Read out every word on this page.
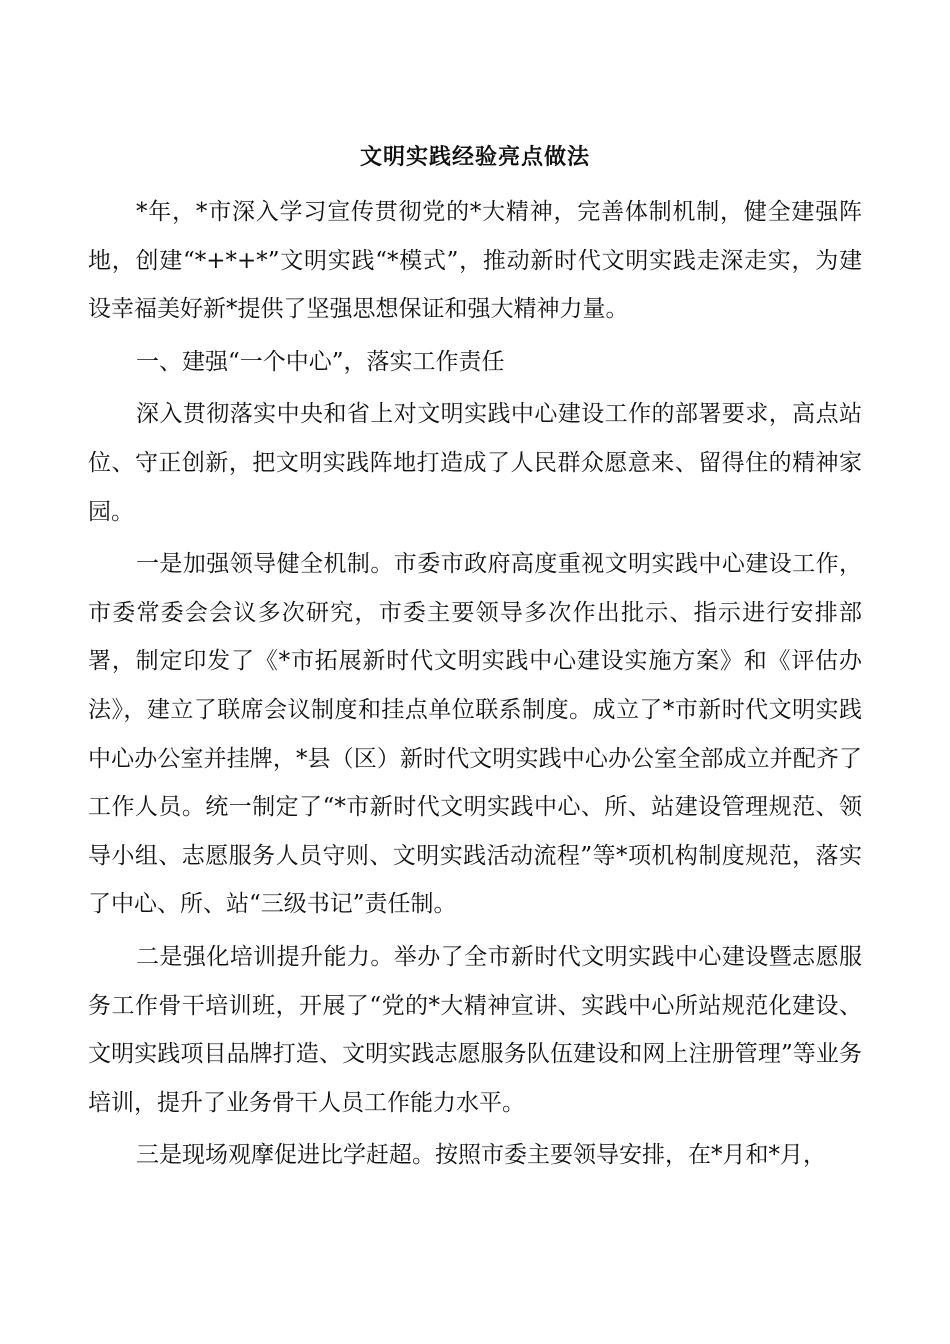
文明实践经验亮点做法

*年，*市深入学习宣传贯彻党的*大精神，完善体制机制，健全建强阵地，创建“*+*+*”文明实践“*模式”，推动新时代文明实践走深走实，为建设幸福美好新*提供了坚强思想保证和强大精神力量。

一、建强“一个中心”，落实工作责任

深入贯彻落实中央和省上对文明实践中心建设工作的部署要求，高点站位、守正创新，把文明实践阵地打造成了人民群众愿意来、留得住的精神家园。

一是加强领导健全机制。市委市政府高度重视文明实践中心建设工作，市委常委会会议多次研究，市委主要领导多次作出批示、指示进行安排部署，制定印发了《*市拓展新时代文明实践中心建设实施方案》和《评估办法》，建立了联席会议制度和挂点单位联系制度。成立了*市新时代文明实践中心办公室并挂牌，*县（区）新时代文明实践中心办公室全部成立并配齐了工作人员。统一制定了“*市新时代文明实践中心、所、站建设管理规范、领导小组、志愿服务人员守则、文明实践活动流程”等*项机构制度规范，落实了中心、所、站“三级书记”责任制。

二是强化培训提升能力。举办了全市新时代文明实践中心建设暨志愿服务工作骨干培训班，开展了“党的*大精神宣讲、实践中心所站规范化建设、文明实践项目品牌打造、文明实践志愿服务队伍建设和网上注册管理”等业务培训，提升了业务骨干人员工作能力水平。

三是现场观摩促进比学赶超。按照市委主要领导安排，在*月和*月，
